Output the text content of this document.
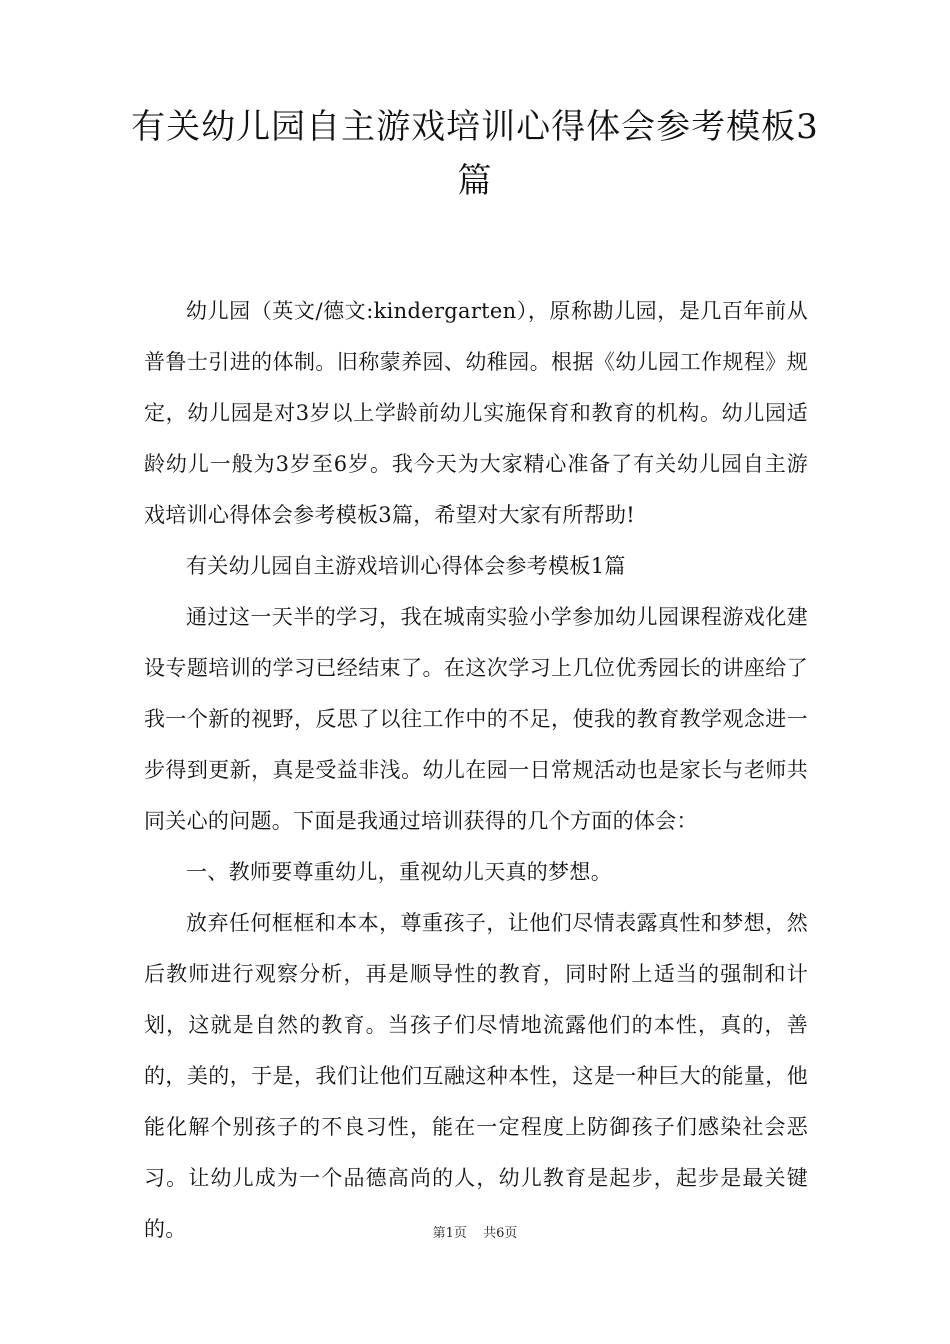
有关幼儿园自主游戏培训心得体会参考模板3篇

幼儿园（英文/德文:kindergarten），原称勘儿园，是几百年前从普鲁士引进的体制。旧称蒙养园、幼稚园。根据《幼儿园工作规程》规定，幼儿园是对3岁以上学龄前幼儿实施保育和教育的机构。幼儿园适龄幼儿一般为3岁至6岁。我今天为大家精心准备了有关幼儿园自主游戏培训心得体会参考模板3篇，希望对大家有所帮助!

有关幼儿园自主游戏培训心得体会参考模板1篇

通过这一天半的学习，我在城南实验小学参加幼儿园课程游戏化建设专题培训的学习已经结束了。在这次学习上几位优秀园长的讲座给了我一个新的视野，反思了以往工作中的不足，使我的教育教学观念进一步得到更新，真是受益非浅。幼儿在园一日常规活动也是家长与老师共同关心的问题。下面是我通过培训获得的几个方面的体会：

一、教师要尊重幼儿，重视幼儿天真的梦想。

放弃任何框框和本本，尊重孩子，让他们尽情表露真性和梦想，然后教师进行观察分析，再是顺导性的教育，同时附上适当的强制和计划，这就是自然的教育。当孩子们尽情地流露他们的本性，真的，善的，美的，于是，我们让他们互融这种本性，这是一种巨大的能量，他能化解个别孩子的不良习性，能在一定程度上防御孩子们感染社会恶习。让幼儿成为一个品德高尚的人，幼儿教育是起步，起步是最关键的。	第1页 共6页
